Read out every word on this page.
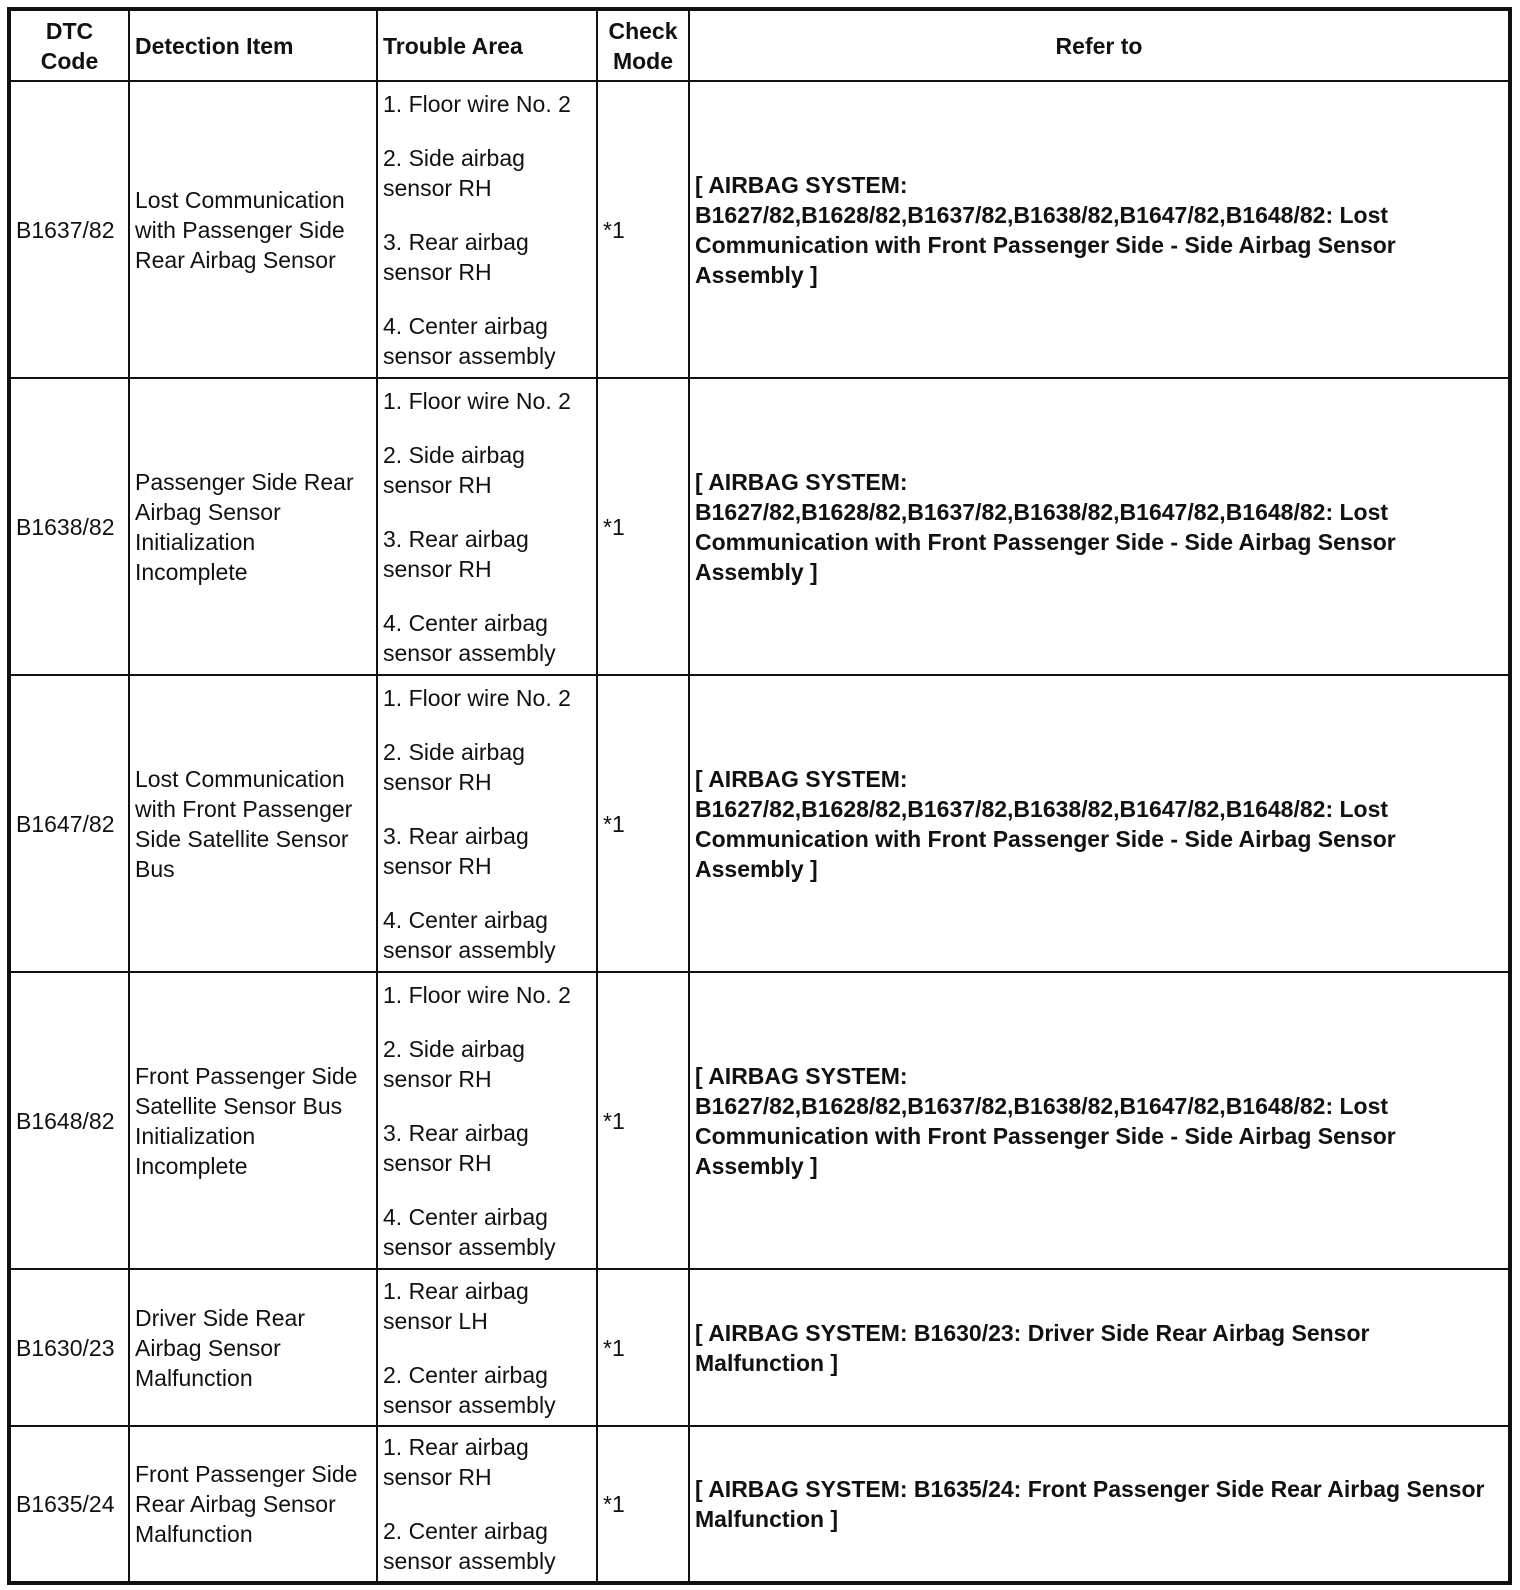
DTC Code	Detection Item	Trouble Area	Check Mode	Refer to
B1637/82	Lost Communication with Passenger Side Rear Airbag Sensor	1. Floor wire No. 2
2. Side airbag sensor RH
3. Rear airbag sensor RH
4. Center airbag sensor assembly	*1	[ AIRBAG SYSTEM: B1627/82,B1628/82,B1637/82,B1638/82,B1647/82,B1648/82: Lost Communication with Front Passenger Side - Side Airbag Sensor Assembly ]
B1638/82	Passenger Side Rear Airbag Sensor Initialization Incomplete	1. Floor wire No. 2
2. Side airbag sensor RH
3. Rear airbag sensor RH
4. Center airbag sensor assembly	*1	[ AIRBAG SYSTEM: B1627/82,B1628/82,B1637/82,B1638/82,B1647/82,B1648/82: Lost Communication with Front Passenger Side - Side Airbag Sensor Assembly ]
B1647/82	Lost Communication with Front Passenger Side Satellite Sensor Bus	1. Floor wire No. 2
2. Side airbag sensor RH
3. Rear airbag sensor RH
4. Center airbag sensor assembly	*1	[ AIRBAG SYSTEM: B1627/82,B1628/82,B1637/82,B1638/82,B1647/82,B1648/82: Lost Communication with Front Passenger Side - Side Airbag Sensor Assembly ]
B1648/82	Front Passenger Side Satellite Sensor Bus Initialization Incomplete	1. Floor wire No. 2
2. Side airbag sensor RH
3. Rear airbag sensor RH
4. Center airbag sensor assembly	*1	[ AIRBAG SYSTEM: B1627/82,B1628/82,B1637/82,B1638/82,B1647/82,B1648/82: Lost Communication with Front Passenger Side - Side Airbag Sensor Assembly ]
B1630/23	Driver Side Rear Airbag Sensor Malfunction	1. Rear airbag sensor LH
2. Center airbag sensor assembly	*1	[ AIRBAG SYSTEM: B1630/23: Driver Side Rear Airbag Sensor Malfunction ]
B1635/24	Front Passenger Side Rear Airbag Sensor Malfunction	1. Rear airbag sensor RH
2. Center airbag sensor assembly	*1	[ AIRBAG SYSTEM: B1635/24: Front Passenger Side Rear Airbag Sensor Malfunction ]
